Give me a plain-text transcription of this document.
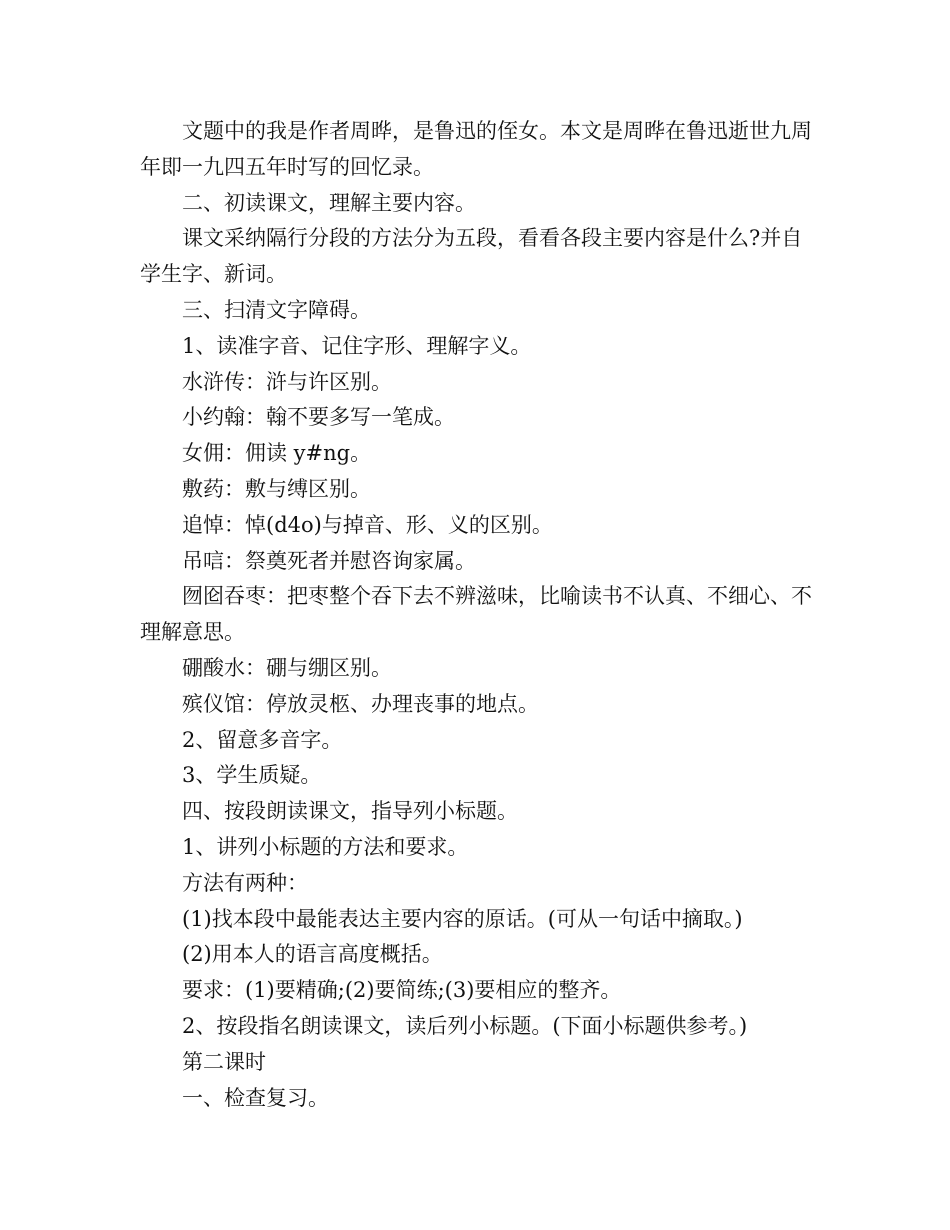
文题中的我是作者周晔，是鲁迅的侄女。本文是周晔在鲁迅逝世九周年即一九四五年时写的回忆录。

二、初读课文，理解主要内容。

课文采纳隔行分段的方法分为五段，看看各段主要内容是什么?并自学生字、新词。

三、扫清文字障碍。

1、读准字音、记住字形、理解字义。

水浒传：浒与许区别。

小约翰：翰不要多写一笔成。

女佣：佣读 y#ng。

敷药：敷与缚区别。

追悼：悼(d4o)与掉音、形、义的区别。

吊唁：祭奠死者并慰咨询家属。

囫囵吞枣：把枣整个吞下去不辨滋味，比喻读书不认真、不细心、不理解意思。

硼酸水：硼与绷区别。

殡仪馆：停放灵柩、办理丧事的地点。

2、留意多音字。

3、学生质疑。

四、按段朗读课文，指导列小标题。

1、讲列小标题的方法和要求。

方法有两种：

(1)找本段中最能表达主要内容的原话。(可从一句话中摘取。)

(2)用本人的语言高度概括。

要求：(1)要精确;(2)要简练;(3)要相应的整齐。

2、按段指名朗读课文，读后列小标题。(下面小标题供参考。)

第二课时

一、检查复习。
